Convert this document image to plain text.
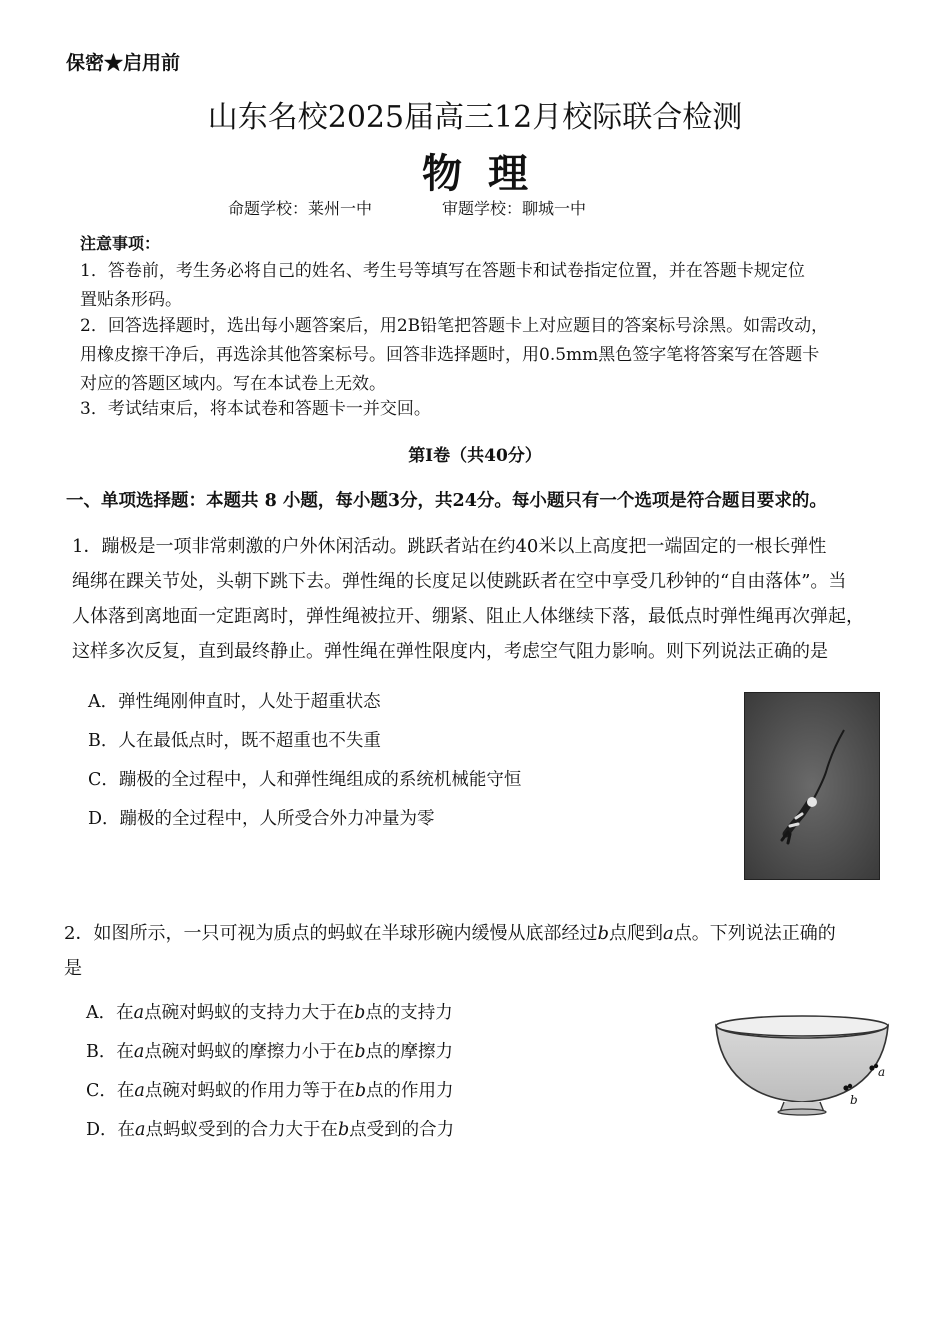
保密★启用前
山东名校2025届高三12月校际联合检测
物理
命题学校：莱州一中	审题学校：聊城一中
注意事项：
1．答卷前，考生务必将自己的姓名、考生号等填写在答题卡和试卷指定位置，并在答题卡规定位
置贴条形码。
2．回答选择题时，选出每小题答案后，用2B铅笔把答题卡上对应题目的答案标号涂黑。如需改动，
用橡皮擦干净后，再选涂其他答案标号。回答非选择题时，用0.5mm黑色签字笔将答案写在答题卡
对应的答题区域内。写在本试卷上无效。
3．考试结束后，将本试卷和答题卡一并交回。
第Ⅰ卷（共40分）
一、单项选择题：本题共 8 小题，每小题3分，共24分。每小题只有一个选项是符合题目要求的。
1．蹦极是一项非常刺激的户外休闲活动。跳跃者站在约40米以上高度把一端固定的一根长弹性
绳绑在踝关节处，头朝下跳下去。弹性绳的长度足以使跳跃者在空中享受几秒钟的“自由落体”。当
人体落到离地面一定距离时，弹性绳被拉开、绷紧、阻止人体继续下落，最低点时弹性绳再次弹起，
这样多次反复，直到最终静止。弹性绳在弹性限度内，考虑空气阻力影响。则下列说法正确的是
A．弹性绳刚伸直时，人处于超重状态
B．人在最低点时，既不超重也不失重
C．蹦极的全过程中，人和弹性绳组成的系统机械能守恒
D．蹦极的全过程中，人所受合外力冲量为零
2．如图所示，一只可视为质点的蚂蚁在半球形碗内缓慢从底部经过b点爬到a点。下列说法正确的
是
A．在a点碗对蚂蚁的支持力大于在b点的支持力
B．在a点碗对蚂蚁的摩擦力小于在b点的摩擦力
C．在a点碗对蚂蚁的作用力等于在b点的作用力
D．在a点蚂蚁受到的合力大于在b点受到的合力
a
b
